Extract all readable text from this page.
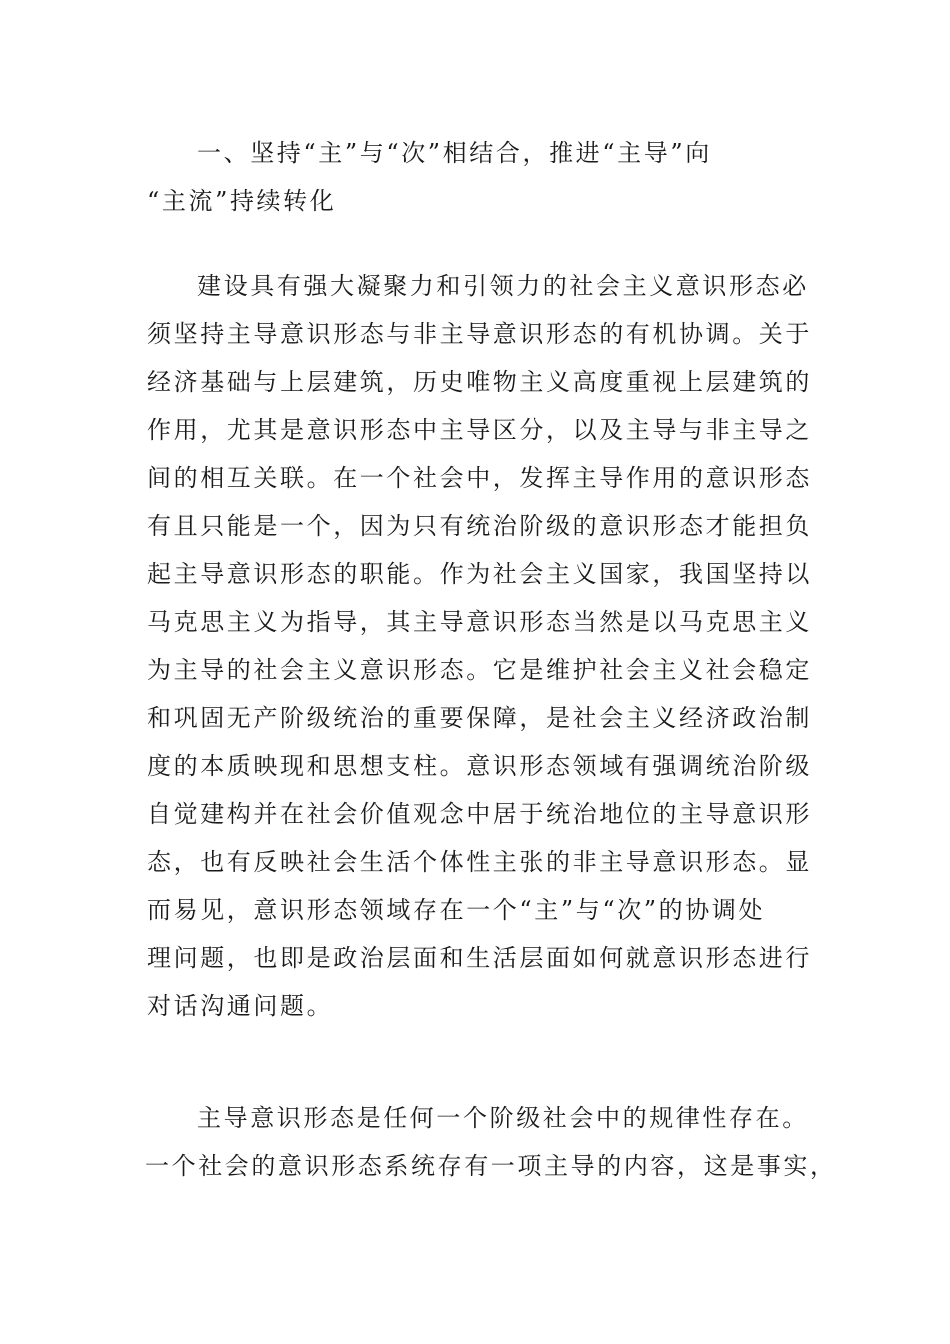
一、坚持“主”与“次”相结合，推进“主导”向
“主流”持续转化
建设具有强大凝聚力和引领力的社会主义意识形态必
须坚持主导意识形态与非主导意识形态的有机协调。关于
经济基础与上层建筑，历史唯物主义高度重视上层建筑的
作用，尤其是意识形态中主导区分，以及主导与非主导之
间的相互关联。在一个社会中，发挥主导作用的意识形态
有且只能是一个，因为只有统治阶级的意识形态才能担负
起主导意识形态的职能。作为社会主义国家，我国坚持以
马克思主义为指导，其主导意识形态当然是以马克思主义
为主导的社会主义意识形态。它是维护社会主义社会稳定
和巩固无产阶级统治的重要保障，是社会主义经济政治制
度的本质映现和思想支柱。意识形态领域有强调统治阶级
自觉建构并在社会价值观念中居于统治地位的主导意识形
态，也有反映社会生活个体性主张的非主导意识形态。显
而易见，意识形态领域存在一个“主”与“次”的协调处
理问题，也即是政治层面和生活层面如何就意识形态进行
对话沟通问题。
主导意识形态是任何一个阶级社会中的规律性存在。
一个社会的意识形态系统存有一项主导的内容，这是事实，
